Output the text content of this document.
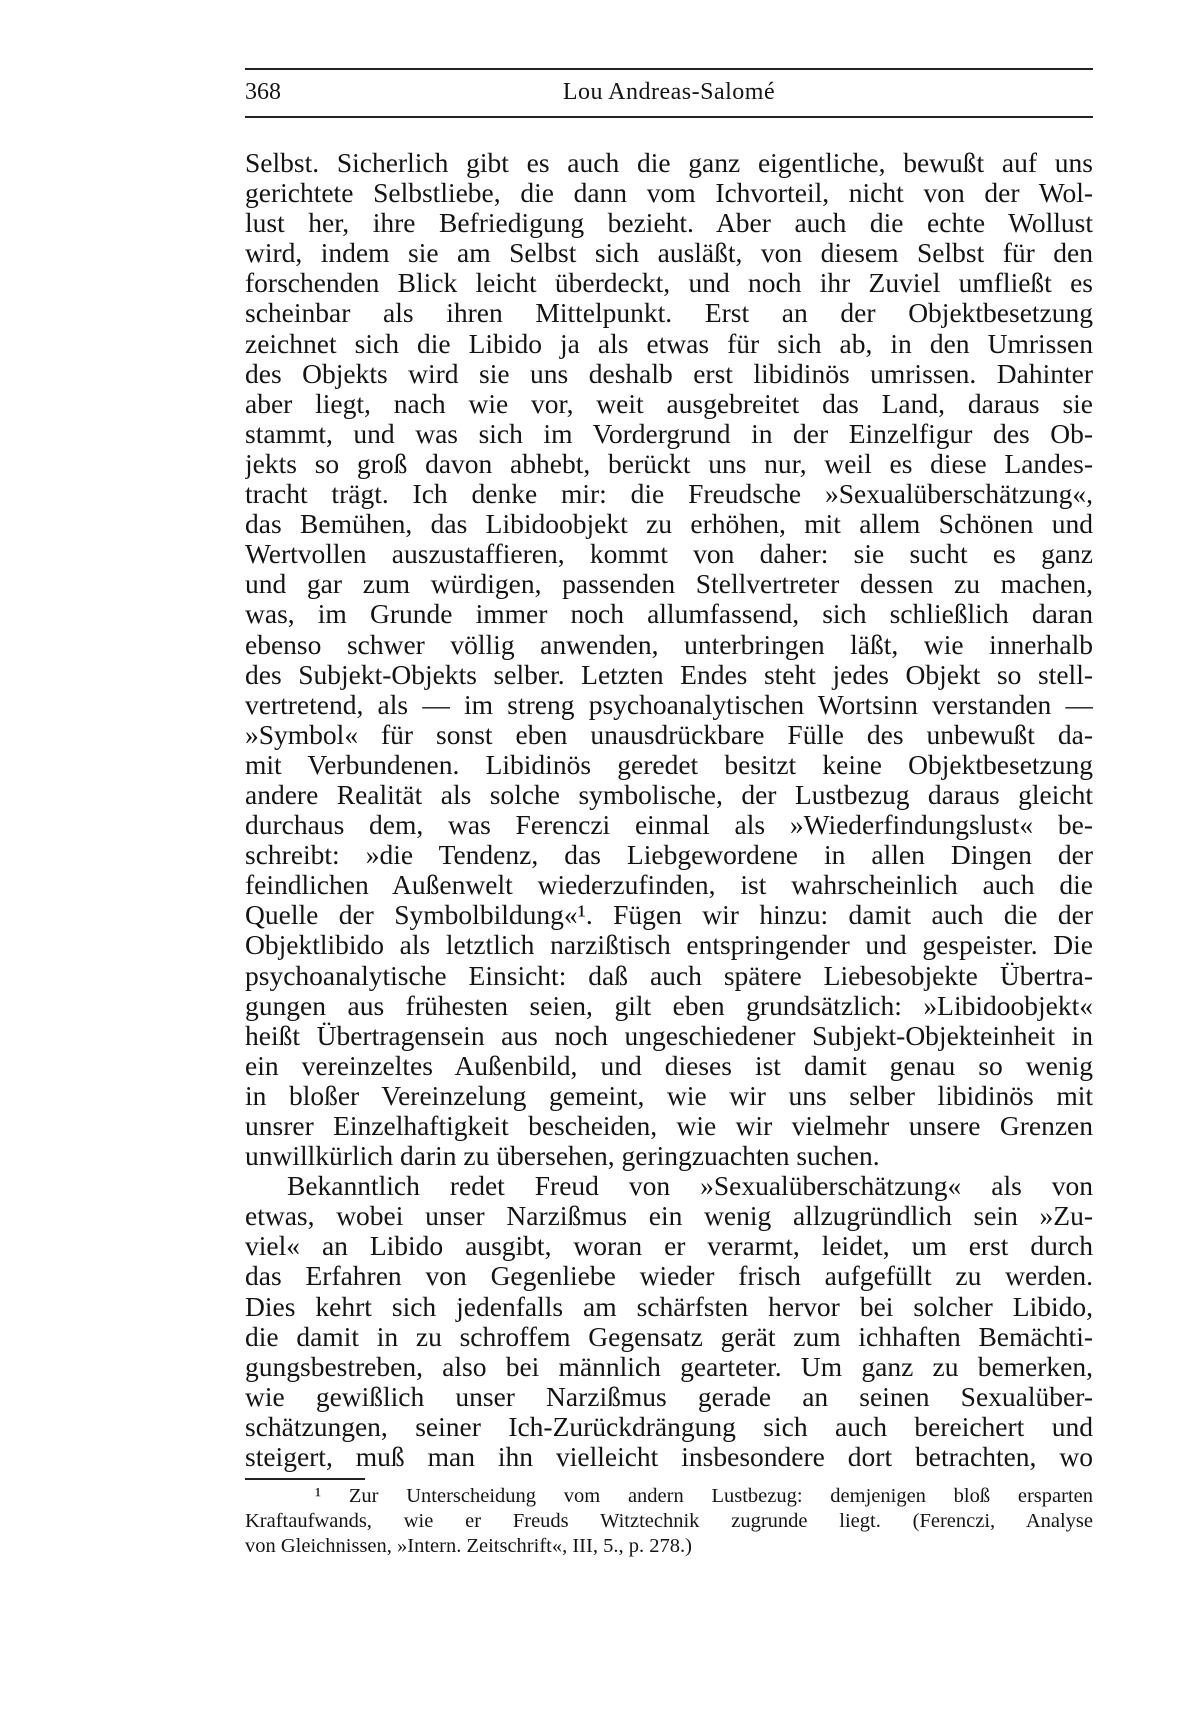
368	Lou Andreas-Salomé
Selbst. Sicherlich gibt es auch die ganz eigentliche, bewußt auf uns
gerichtete Selbstliebe, die dann vom Ichvorteil, nicht von der Wol-
lust her, ihre Befriedigung bezieht. Aber auch die echte Wollust
wird, indem sie am Selbst sich ausläßt, von diesem Selbst für den
forschenden Blick leicht überdeckt, und noch ihr Zuviel umfließt es
scheinbar als ihren Mittelpunkt. Erst an der Objektbesetzung
zeichnet sich die Libido ja als etwas für sich ab, in den Umrissen
des Objekts wird sie uns deshalb erst libidinös umrissen. Dahinter
aber liegt, nach wie vor, weit ausgebreitet das Land, daraus sie
stammt, und was sich im Vordergrund in der Einzelfigur des Ob-
jekts so groß davon abhebt, berückt uns nur, weil es diese Landes-
tracht trägt. Ich denke mir: die Freudsche »Sexualüberschätzung«,
das Bemühen, das Libidoobjekt zu erhöhen, mit allem Schönen und
Wertvollen auszustaffieren, kommt von daher: sie sucht es ganz
und gar zum würdigen, passenden Stellvertreter dessen zu machen,
was, im Grunde immer noch allumfassend, sich schließlich daran
ebenso schwer völlig anwenden, unterbringen läßt, wie innerhalb
des Subjekt-Objekts selber. Letzten Endes steht jedes Objekt so stell-
vertretend, als — im streng psychoanalytischen Wortsinn verstanden —
»Symbol« für sonst eben unausdrückbare Fülle des unbewußt da-
mit Verbundenen. Libidinös geredet besitzt keine Objektbesetzung
andere Realität als solche symbolische, der Lustbezug daraus gleicht
durchaus dem, was Ferenczi einmal als »Wiederfindungslust« be-
schreibt: »die Tendenz, das Liebgewordene in allen Dingen der
feindlichen Außenwelt wiederzufinden, ist wahrscheinlich auch die
Quelle der Symbolbildung«¹. Fügen wir hinzu: damit auch die der
Objektlibido als letztlich narzißtisch entspringender und gespeister. Die
psychoanalytische Einsicht: daß auch spätere Liebesobjekte Übertra-
gungen aus frühesten seien, gilt eben grundsätzlich: »Libidoobjekt«
heißt Übertragensein aus noch ungeschiedener Subjekt-Objekteinheit in
ein vereinzeltes Außenbild, und dieses ist damit genau so wenig
in bloßer Vereinzelung gemeint, wie wir uns selber libidinös mit
unsrer Einzelhaftigkeit bescheiden, wie wir vielmehr unsere Grenzen
unwillkürlich darin zu übersehen, geringzuachten suchen.
Bekanntlich redet Freud von »Sexualüberschätzung« als von
etwas, wobei unser Narzißmus ein wenig allzugründlich sein »Zu-
viel« an Libido ausgibt, woran er verarmt, leidet, um erst durch
das Erfahren von Gegenliebe wieder frisch aufgefüllt zu werden.
Dies kehrt sich jedenfalls am schärfsten hervor bei solcher Libido,
die damit in zu schroffem Gegensatz gerät zum ichhaften Bemächti-
gungsbestreben, also bei männlich gearteter. Um ganz zu bemerken,
wie gewißlich unser Narzißmus gerade an seinen Sexualüber-
schätzungen, seiner Ich-Zurückdrängung sich auch bereichert und
steigert, muß man ihn vielleicht insbesondere dort betrachten, wo
¹ Zur Unterscheidung vom andern Lustbezug: demjenigen bloß ersparten
Kraftaufwands, wie er Freuds Witztechnik zugrunde liegt. (Ferenczi, Analyse
von Gleichnissen, »Intern. Zeitschrift«, III, 5., p. 278.)
